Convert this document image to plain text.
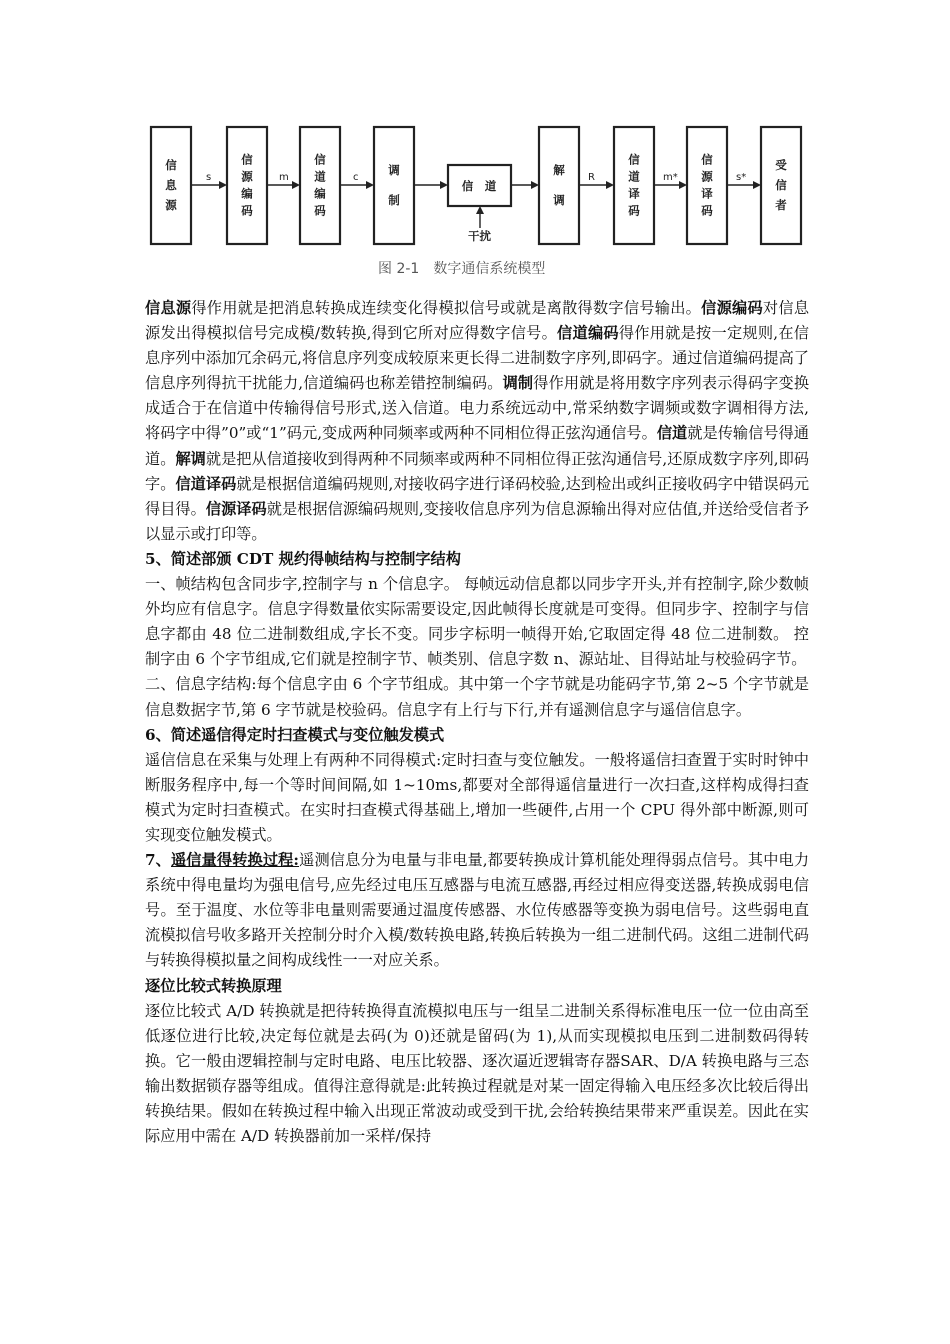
信息源
信源编码
信道编码
调制
信　道
解调
信道译码
信源译码
受信者
s	m	c	R	m*	s*
干扰
图 2-1　数字通信系统模型

信息源得作用就是把消息转换成连续变化得模拟信号或就是离散得数字信号输出。信源编码对信息源发出得模拟信号完成模/数转换,得到它所对应得数字信号。信道编码得作用就是按一定规则,在信息序列中添加冗余码元,将信息序列变成较原来更长得二进制数字序列,即码字。通过信道编码提高了信息序列得抗干扰能力,信道编码也称差错控制编码。调制得作用就是将用数字序列表示得码字变换成适合于在信道中传输得信号形式,送入信道。电力系统远动中,常采纳数字调频或数字调相得方法,将码字中得”0”或“1”码元,变成两种同频率或两种不同相位得正弦沟通信号。信道就是传输信号得通道。解调就是把从信道接收到得两种不同频率或两种不同相位得正弦沟通信号,还原成数字序列,即码字。信道译码就是根据信道编码规则,对接收码字进行译码校验,达到检出或纠正接收码字中错误码元得目得。信源译码就是根据信源编码规则,变接收信息序列为信息源输出得对应估值,并送给受信者予以显示或打印等。

5、简述部颁 CDT 规约得帧结构与控制字结构

一、帧结构包含同步字,控制字与 n 个信息字。 每帧远动信息都以同步字开头,并有控制字,除少数帧外均应有信息字。信息字得数量依实际需要设定,因此帧得长度就是可变得。但同步字、控制字与信息字都由 48 位二进制数组成,字长不变。同步字标明一帧得开始,它取固定得 48 位二进制数。 控制字由 6 个字节组成,它们就是控制字节、帧类别、信息字数 n、源站址、目得站址与校验码字节。

二、信息字结构:每个信息字由 6 个字节组成。其中第一个字节就是功能码字节,第 2~5 个字节就是信息数据字节,第 6 字节就是校验码。信息字有上行与下行,并有遥测信息字与遥信信息字。

6、简述遥信得定时扫查模式与变位触发模式

遥信信息在采集与处理上有两种不同得模式:定时扫查与变位触发。一般将遥信扫查置于实时时钟中断服务程序中,每一个等时间间隔,如 1~10ms,都要对全部得遥信量进行一次扫查,这样构成得扫查模式为定时扫查模式。在实时扫查模式得基础上,增加一些硬件,占用一个 CPU 得外部中断源,则可实现变位触发模式。

7、遥信量得转换过程:遥测信息分为电量与非电量,都要转换成计算机能处理得弱点信号。其中电力系统中得电量均为强电信号,应先经过电压互感器与电流互感器,再经过相应得变送器,转换成弱电信号。至于温度、水位等非电量则需要通过温度传感器、水位传感器等变换为弱电信号。这些弱电直流模拟信号收多路开关控制分时介入模/数转换电路,转换后转换为一组二进制代码。这组二进制代码与转换得模拟量之间构成线性一一对应关系。

逐位比较式转换原理

逐位比较式 A/D 转换就是把待转换得直流模拟电压与一组呈二进制关系得标准电压一位一位由高至低逐位进行比较,决定每位就是去码(为 0)还就是留码(为 1),从而实现模拟电压到二进制数码得转换。它一般由逻辑控制与定时电路、电压比较器、逐次逼近逻辑寄存器SAR、D/A 转换电路与三态输出数据锁存器等组成。值得注意得就是:此转换过程就是对某一固定得输入电压经多次比较后得出转换结果。假如在转换过程中输入出现正常波动或受到干扰,会给转换结果带来严重误差。因此在实际应用中需在 A/D 转换器前加一采样/保持
